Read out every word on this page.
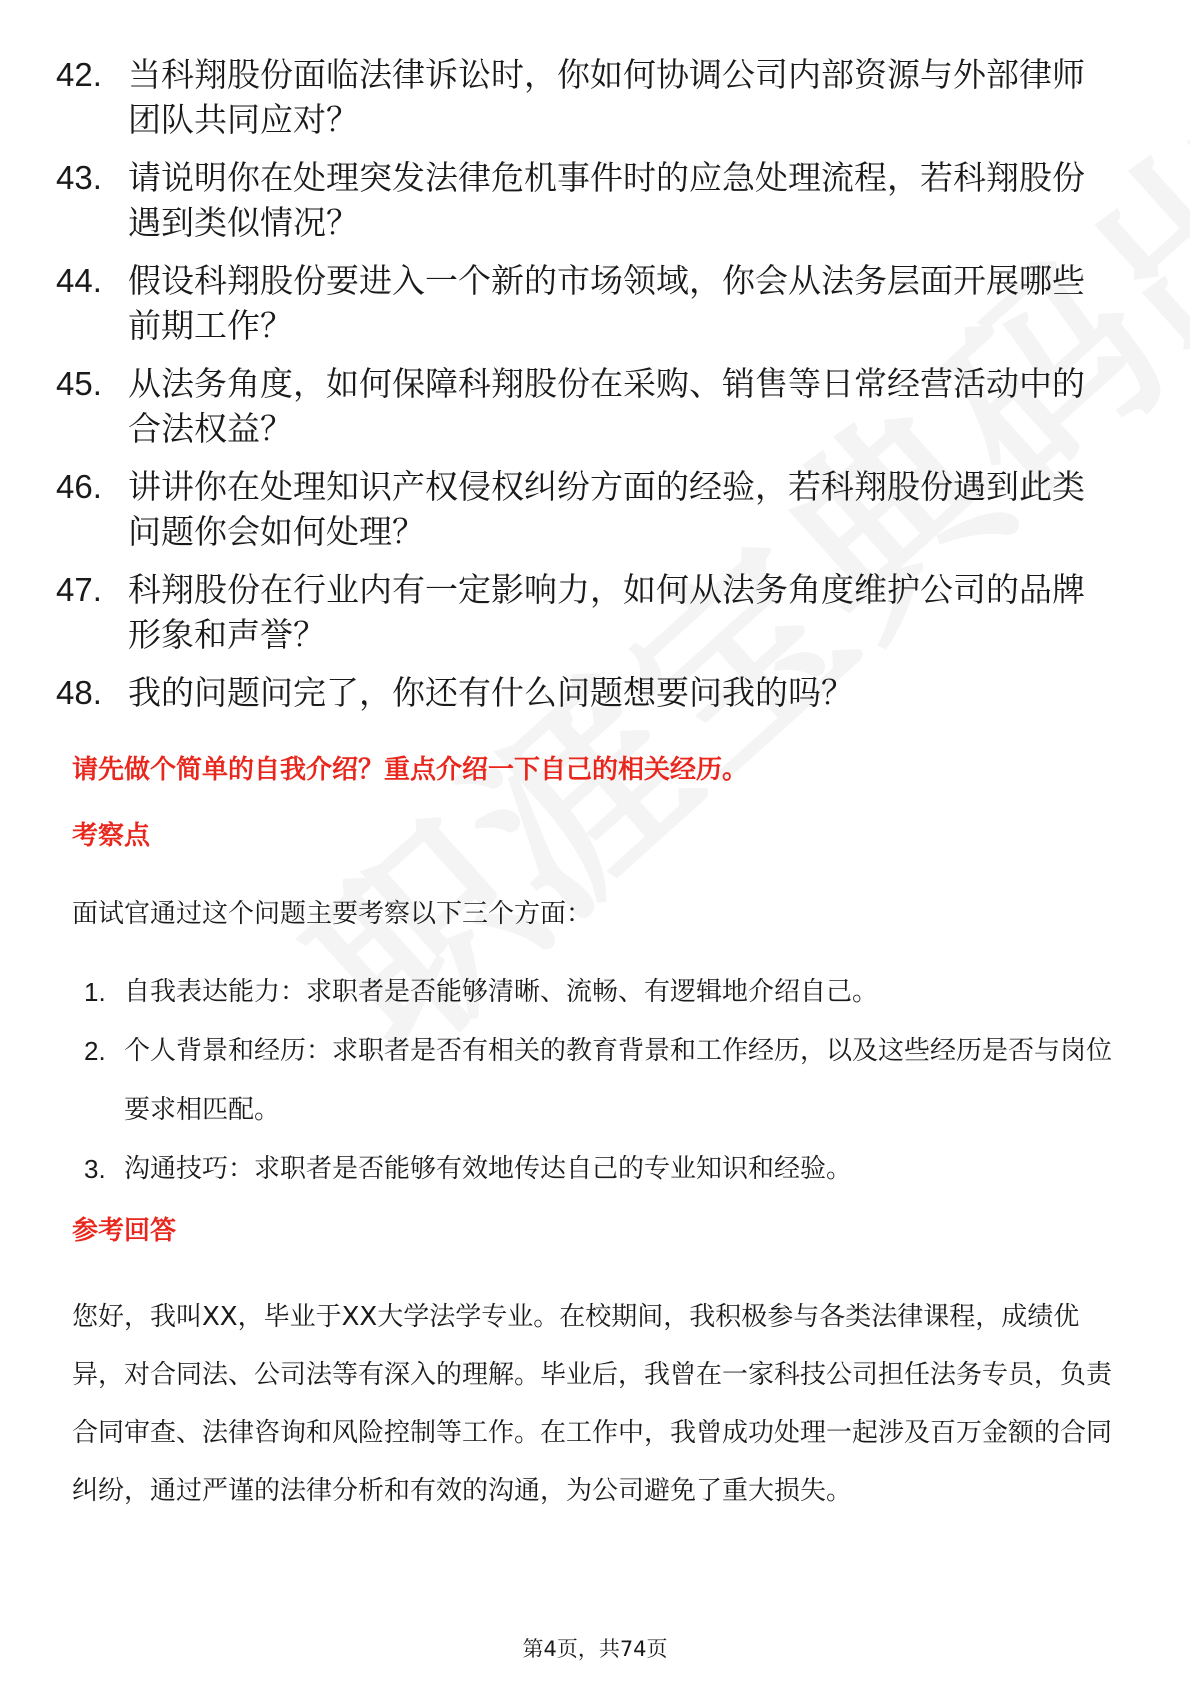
42. 当科翔股份面临法律诉讼时，你如何协调公司内部资源与外部律师团队共同应对？
43. 请说明你在处理突发法律危机事件时的应急处理流程，若科翔股份遇到类似情况？
44. 假设科翔股份要进入一个新的市场领域，你会从法务层面开展哪些前期工作？
45. 从法务角度，如何保障科翔股份在采购、销售等日常经营活动中的合法权益？
46. 讲讲你在处理知识产权侵权纠纷方面的经验，若科翔股份遇到此类问题你会如何处理？
47. 科翔股份在行业内有一定影响力，如何从法务角度维护公司的品牌形象和声誉？
48. 我的问题问完了，你还有什么问题想要问我的吗？
请先做个简单的自我介绍？重点介绍一下自己的相关经历。
考察点
面试官通过这个问题主要考察以下三个方面：
1. 自我表达能力：求职者是否能够清晰、流畅、有逻辑地介绍自己。
2. 个人背景和经历：求职者是否有相关的教育背景和工作经历，以及这些经历是否与岗位要求相匹配。
3. 沟通技巧：求职者是否能够有效地传达自己的专业知识和经验。
参考回答
您好，我叫XX，毕业于XX大学法学专业。在校期间，我积极参与各类法律课程，成绩优异，对合同法、公司法等有深入的理解。毕业后，我曾在一家科技公司担任法务专员，负责合同审查、法律咨询和风险控制等工作。在工作中，我曾成功处理一起涉及百万金额的合同纠纷，通过严谨的法律分析和有效的沟通，为公司避免了重大损失。
第4页，共74页
